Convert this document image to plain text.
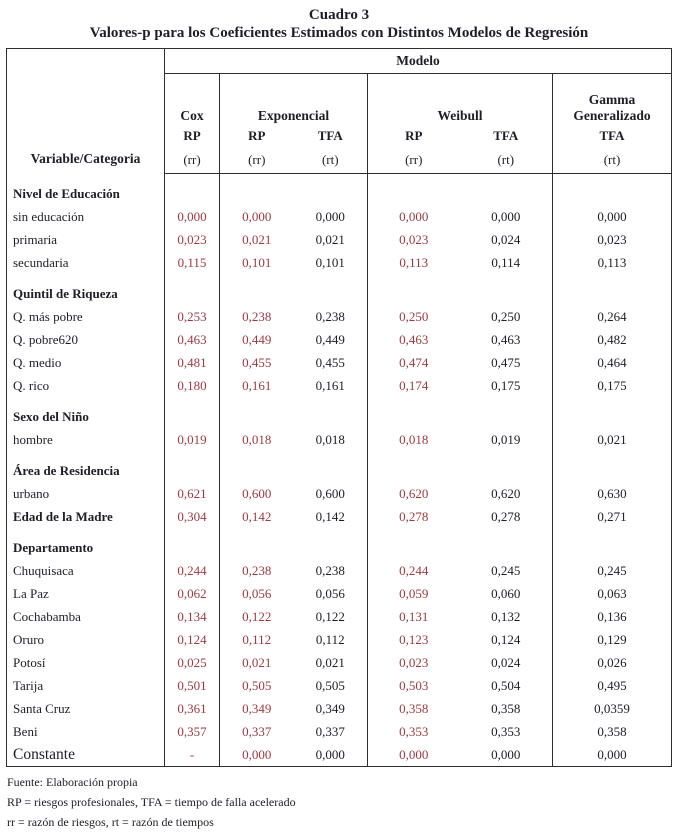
Cuadro 3
Valores-p para los Coeficientes Estimados con Distintos Modelos de Regresión
Variable/Categoria	Modelo					
	Cox	Exponencial		Weibull		Gamma Generalizado
	RP	RP	TFA	RP	TFA	TFA
	(rr)	(rr)	(rt)	(rr)	(rt)	(rt)
Nivel de Educación						
sin educación	0,000	0,000	0,000	0,000	0,000	0,000
primaria	0,023	0,021	0,021	0,023	0,024	0,023
secundaria	0,115	0,101	0,101	0,113	0,114	0,113
Quintil de Riqueza						
Q. más pobre	0,253	0,238	0,238	0,250	0,250	0,264
Q. pobre620	0,463	0,449	0,449	0,463	0,463	0,482
Q. medio	0,481	0,455	0,455	0,474	0,475	0,464
Q. rico	0,180	0,161	0,161	0,174	0,175	0,175
Sexo del Niño						
hombre	0,019	0,018	0,018	0,018	0,019	0,021
Área de Residencia						
urbano	0,621	0,600	0,600	0,620	0,620	0,630
Edad de la Madre	0,304	0,142	0,142	0,278	0,278	0,271
Departamento						
Chuquisaca	0,244	0,238	0,238	0,244	0,245	0,245
La Paz	0,062	0,056	0,056	0,059	0,060	0,063
Cochabamba	0,134	0,122	0,122	0,131	0,132	0,136
Oruro	0,124	0,112	0,112	0,123	0,124	0,129
Potosí	0,025	0,021	0,021	0,023	0,024	0,026
Tarija	0,501	0,505	0,505	0,503	0,504	0,495
Santa Cruz	0,361	0,349	0,349	0,358	0,358	0,0359
Beni	0,357	0,337	0,337	0,353	0,353	0,358
Constante	-	0,000	0,000	0,000	0,000	0,000
Fuente: Elaboración propia
RP = riesgos profesionales, TFA = tiempo de falla acelerado
rr = razón de riesgos, rt = razón de tiempos
